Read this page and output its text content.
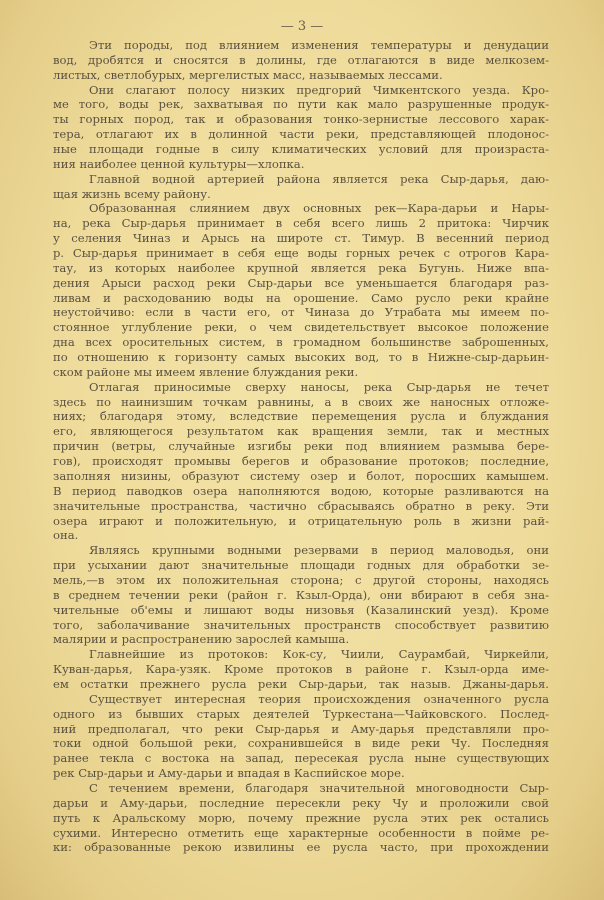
— 3 —
Эти породы, под влиянием изменения температуры и денудации
вод, дробятся и сносятся в долины, где отлагаются в виде мелкозем-
листых, светлобурых, мергелистых масс, называемых лессами.
Они слагают полосу низких предгорий Чимкентского уезда. Кро-
ме того, воды рек, захватывая по пути как мало разрушенные продук-
ты горных пород, так и образования тонко-зернистые лессового харак-
тера, отлагают их в долинной части реки, представляющей плодонос-
ные площади годные в силу климатических условий для произраста-
ния наиболее ценной культуры—хлопка.
Главной водной артерией района является река Сыр-дарья, даю-
щая жизнь всему району.
Образованная слиянием двух основных рек—Кара-дарьи и Нары-
на, река Сыр-дарья принимает в себя всего лишь 2 притока: Чирчик
у селения Чиназ и Арысь на широте ст. Тимур. В весенний период
р. Сыр-дарья принимает в себя еще воды горных речек с отрогов Кара-
тау, из которых наиболее крупной является река Бугунь. Ниже впа-
дения Арыси расход реки Сыр-дарьи все уменьшается благодаря раз-
ливам и расходованию воды на орошение. Само русло реки крайне
неустойчиво: если в части его, от Чиназа до Утрабата мы имеем по-
стоянное углубление реки, о чем свидетельствует высокое положение
дна всех оросительных систем, в громадном большинстве заброшенных,
по отношению к горизонту самых высоких вод, то в Нижне-сыр-дарьин-
ском районе мы имеем явление блуждания реки.
Отлагая приносимые сверху наносы, река Сыр-дарья не течет
здесь по наинизшим точкам равнины, а в своих же наносных отложе-
ниях; благодаря этому, вследствие перемещения русла и блуждания
его, являющегося результатом как вращения земли, так и местных
причин (ветры, случайные изгибы реки под влиянием размыва бере-
гов), происходят промывы берегов и образование протоков; последние,
заполняя низины, образуют систему озер и болот, поросших камышем.
В период паводков озера наполняются водою, которые разливаются на
значительные пространства, частично сбрасываясь обратно в реку. Эти
озера играют и положительную, и отрицательную роль в жизни рай-
она.
Являясь крупными водными резервами в период маловодья, они
при усыхании дают значительные площади годных для обработки зе-
мель,—в этом их положительная сторона; с другой стороны, находясь
в среднем течении реки (район г. Кзыл-Орда), они вбирают в себя зна-
чительные об'емы и лишают воды низовья (Казалинский уезд). Кроме
того, заболачивание значительных пространств способствует развитию
малярии и распространению зарослей камыша.
Главнейшие из протоков: Кок-су, Чиили, Саурамбай, Чиркейли,
Куван-дарья, Кара-узяк. Кроме протоков в районе г. Кзыл-орда име-
ем остатки прежнего русла реки Сыр-дарьи, так назыв. Джаны-дарья.
Существует интересная теория происхождения означенного русла
одного из бывших старых деятелей Туркестана—Чайковского. Послед-
ний предполагал, что реки Сыр-дарья и Аму-дарья представляли про-
токи одной большой реки, сохранившейся в виде реки Чу. Последняя
ранее текла с востока на запад, пересекая русла ныне существующих
рек Сыр-дарьи и Аму-дарьи и впадая в Каспийское море.
С течением времени, благодаря значительной многоводности Сыр-
дарьи и Аму-дарьи, последние пересекли реку Чу и проложили свой
путь к Аральскому морю, почему прежние русла этих рек остались
сухими. Интересно отметить еще характерные особенности в пойме ре-
ки: образованные рекою извилины ее русла часто, при прохождении
